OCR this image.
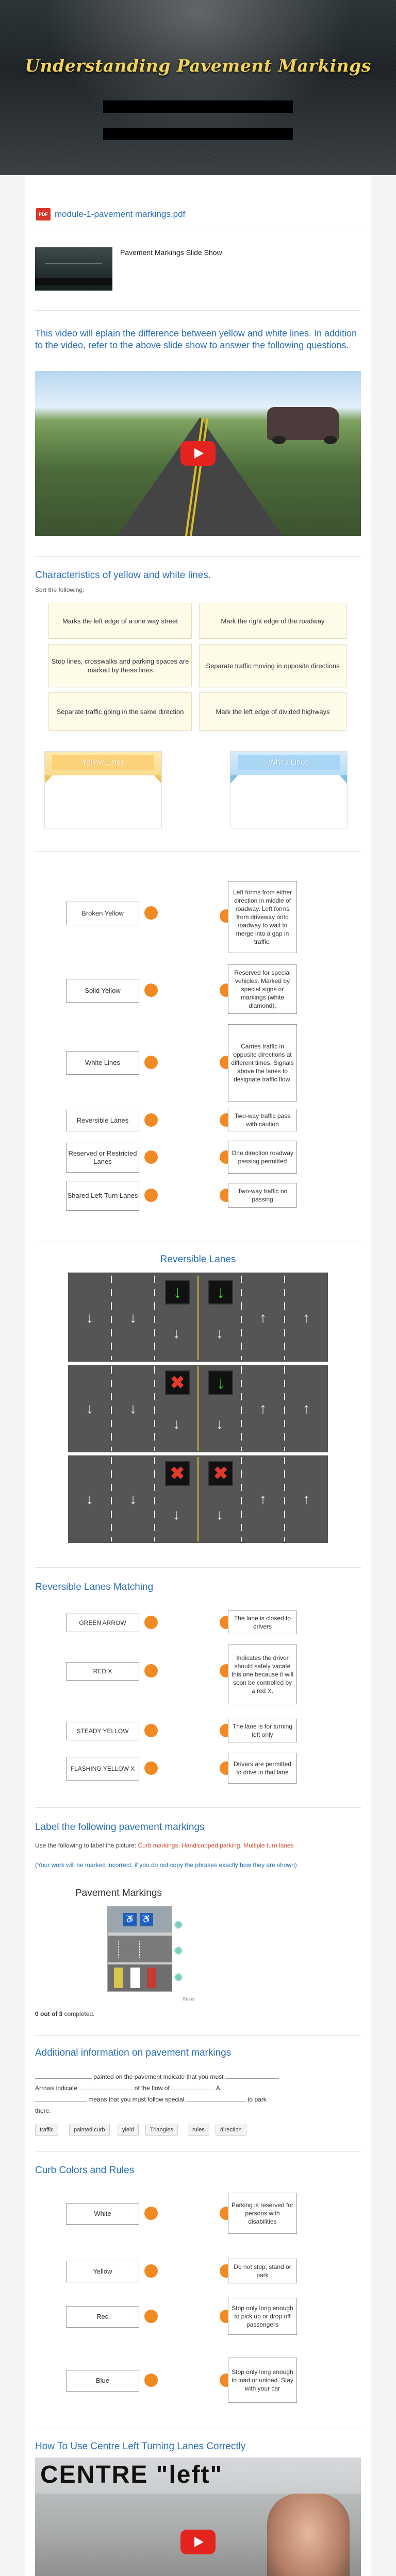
Understanding Pavement Markings
PDF module-1-pavement markings.pdf
Pavement Markings Slide Show
This video will eplain the difference between yellow and white lines. In addition to the video, refer to the above slide show to answer the following questions.
Characteristics of yellow and white lines.
Sort the following:
Marks the left edge of a one way street	Mark the right edge of the roadway
Stop lines, crosswalks and parking spaces are marked by these lines
Separate traffic moving in opposite directions
Separate traffic going in the same direction	Mark the left edge of divided highways
Yellow Lines	White Lines
Broken Yellow
Left forms from either direction in middle of roadway. Left forms from driveway onto roadway to wait to merge into a gap in traffic.
Solid Yellow
Reserved for special vehicles. Marked by special signs or markings (white diamond).
White Lines
Carries traffic in opposite directions at different times. Signals above the lanes to designate traffic flow.
Reversible Lanes
Two-way traffic pass with caution
Reserved or Restricted Lanes
One direction roadway passing permitted
Shared Left-Turn Lanes
Two-way traffic no passing
Reversible Lanes
↓	↓	↑	↑
↓
↓
↓
↓
↓	↓	↑	↑
✖
↓
↓
↓
↓	↓	↑	↑
✖
↓
✖
↓
Reversible Lanes Matching
GREEN ARROW
The lane is closed to drivers
RED X
Indicates the driver should safely vacate this one because it will soon be controlled by a red X.
STEADY YELLOW
The lane is for turning left only
FLASHING YELLOW X
Drivers are permitted to drive in that lane
Label the following pavement markings
Use the following to label the picture: Curb markings, Handicapped parking, Multiple turn lanes
(Your work will be marked incorrect, if you do not copy the phrases exactly how they are shown)
Pavement Markings
♿ ♿
Reset
0 out of 3 completed.
Additional information on pavement markings
painted on the pavement indicate that you must
Arrows indicate	of the flow of	A
means that you must follow special	to park
there.
traffic	painted curb	yield	Triangles	rules	direction
Curb Colors and Rules
White
Parking is reserved for persons with disabilities
Yellow
Do not stop, stand or park
Red
Stop only long enough to pick up or drop off passengers
Blue
Stop only long enough to load or unload. Stay with your car
How To Use Centre Left Turning Lanes Correctly
CENTRE "left"
